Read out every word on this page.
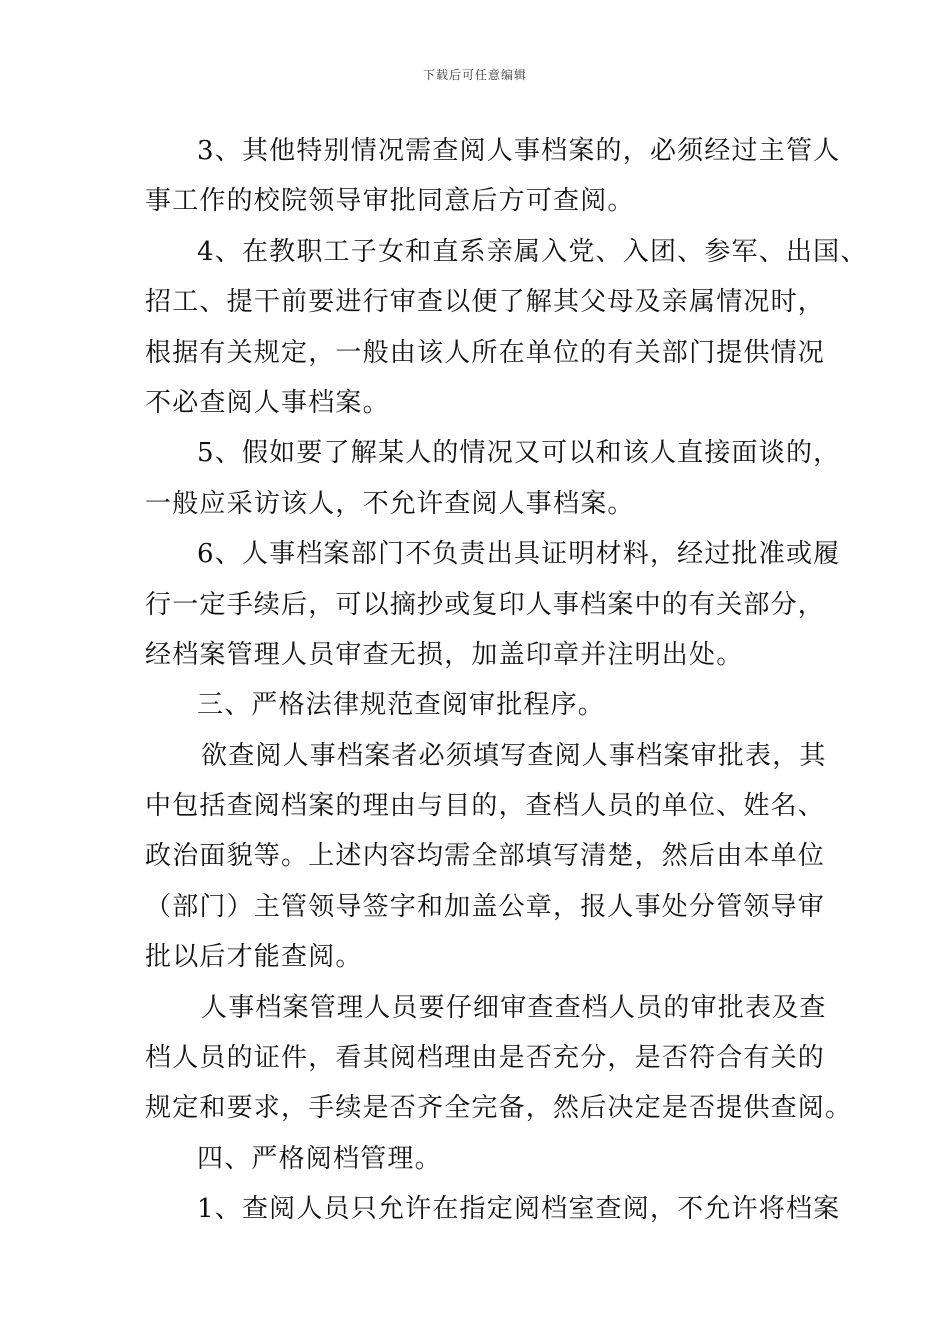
下载后可任意编辑
3、其他特别情况需查阅人事档案的，必须经过主管人
事工作的校院领导审批同意后方可查阅。
4、在教职工子女和直系亲属入党、入团、参军、出国、
招工、提干前要进行审查以便了解其父母及亲属情况时，
根据有关规定，一般由该人所在单位的有关部门提供情况
不必查阅人事档案。
5、假如要了解某人的情况又可以和该人直接面谈的，
一般应采访该人，不允许查阅人事档案。
6、人事档案部门不负责出具证明材料，经过批准或履
行一定手续后，可以摘抄或复印人事档案中的有关部分，
经档案管理人员审查无损，加盖印章并注明出处。
三、严格法律规范查阅审批程序。
欲查阅人事档案者必须填写查阅人事档案审批表，其
中包括查阅档案的理由与目的，查档人员的单位、姓名、
政治面貌等。上述内容均需全部填写清楚，然后由本单位
（部门）主管领导签字和加盖公章，报人事处分管领导审
批以后才能查阅。
人事档案管理人员要仔细审查查档人员的审批表及查
档人员的证件，看其阅档理由是否充分，是否符合有关的
规定和要求，手续是否齐全完备，然后决定是否提供查阅。
四、严格阅档管理。
1、查阅人员只允许在指定阅档室查阅，不允许将档案
